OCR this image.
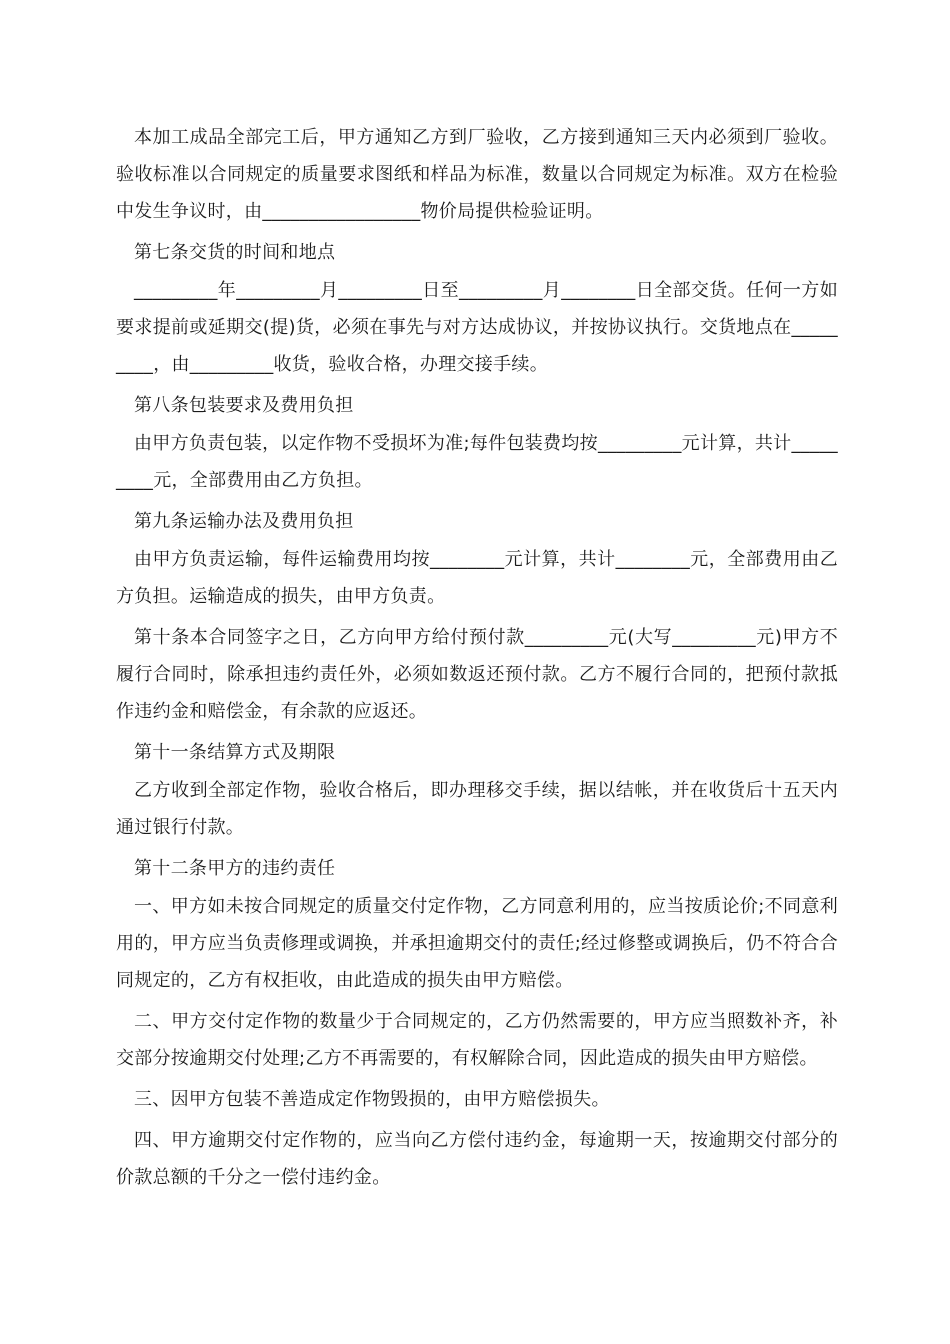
本加工成品全部完工后，甲方通知乙方到厂验收，乙方接到通知三天内必须到厂验收。验收标准以合同规定的质量要求图纸和样品为标准，数量以合同规定为标准。双方在检验中发生争议时，由_________________物价局提供检验证明。

第七条交货的时间和地点

_________年_________月_________日至_________月________日全部交货。任何一方如要求提前或延期交(提)货，必须在事先与对方达成协议，并按协议执行。交货地点在_________，由_________收货，验收合格，办理交接手续。

第八条包装要求及费用负担

由甲方负责包装，以定作物不受损坏为准;每件包装费均按_________元计算，共计_________元，全部费用由乙方负担。

第九条运输办法及费用负担

由甲方负责运输，每件运输费用均按________元计算，共计________元，全部费用由乙方负担。运输造成的损失，由甲方负责。

第十条本合同签字之日，乙方向甲方给付预付款_________元(大写_________元)甲方不履行合同时，除承担违约责任外，必须如数返还预付款。乙方不履行合同的，把预付款抵作违约金和赔偿金，有余款的应返还。

第十一条结算方式及期限

乙方收到全部定作物，验收合格后，即办理移交手续，据以结帐，并在收货后十五天内通过银行付款。

第十二条甲方的违约责任

一、甲方如未按合同规定的质量交付定作物，乙方同意利用的，应当按质论价;不同意利用的，甲方应当负责修理或调换，并承担逾期交付的责任;经过修整或调换后，仍不符合合同规定的，乙方有权拒收，由此造成的损失由甲方赔偿。

二、甲方交付定作物的数量少于合同规定的，乙方仍然需要的，甲方应当照数补齐，补交部分按逾期交付处理;乙方不再需要的，有权解除合同，因此造成的损失由甲方赔偿。

三、因甲方包装不善造成定作物毁损的，由甲方赔偿损失。

四、甲方逾期交付定作物的，应当向乙方偿付违约金，每逾期一天，按逾期交付部分的价款总额的千分之一偿付违约金。
